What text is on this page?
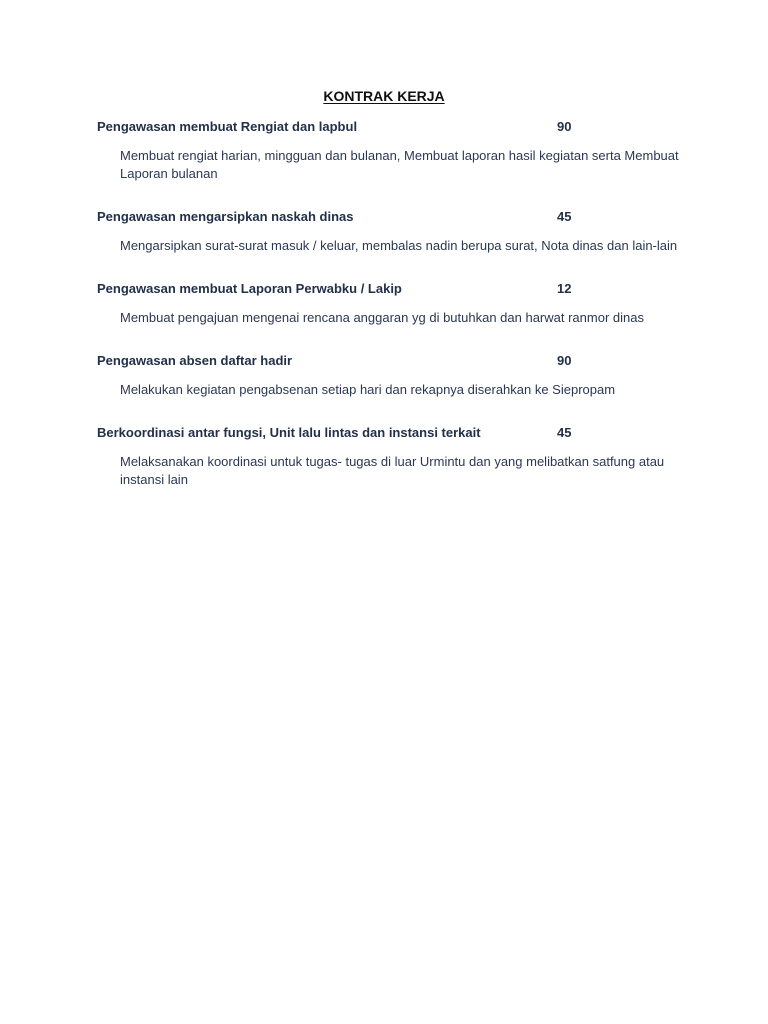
KONTRAK KERJA
Pengawasan membuat Rengiat dan lapbul	90
Membuat rengiat harian, mingguan dan bulanan, Membuat laporan hasil kegiatan serta Membuat Laporan bulanan
Pengawasan mengarsipkan naskah dinas	45
Mengarsipkan surat-surat masuk / keluar, membalas nadin berupa surat, Nota dinas dan lain-lain
Pengawasan membuat Laporan Perwabku / Lakip	12
Membuat pengajuan mengenai rencana anggaran yg di butuhkan dan harwat ranmor dinas
Pengawasan absen daftar hadir	90
Melakukan kegiatan pengabsenan setiap hari dan rekapnya diserahkan ke Siepropam
Berkoordinasi antar fungsi, Unit lalu lintas dan instansi terkait	45
Melaksanakan koordinasi untuk tugas- tugas di luar Urmintu dan yang melibatkan satfung atau instansi lain
